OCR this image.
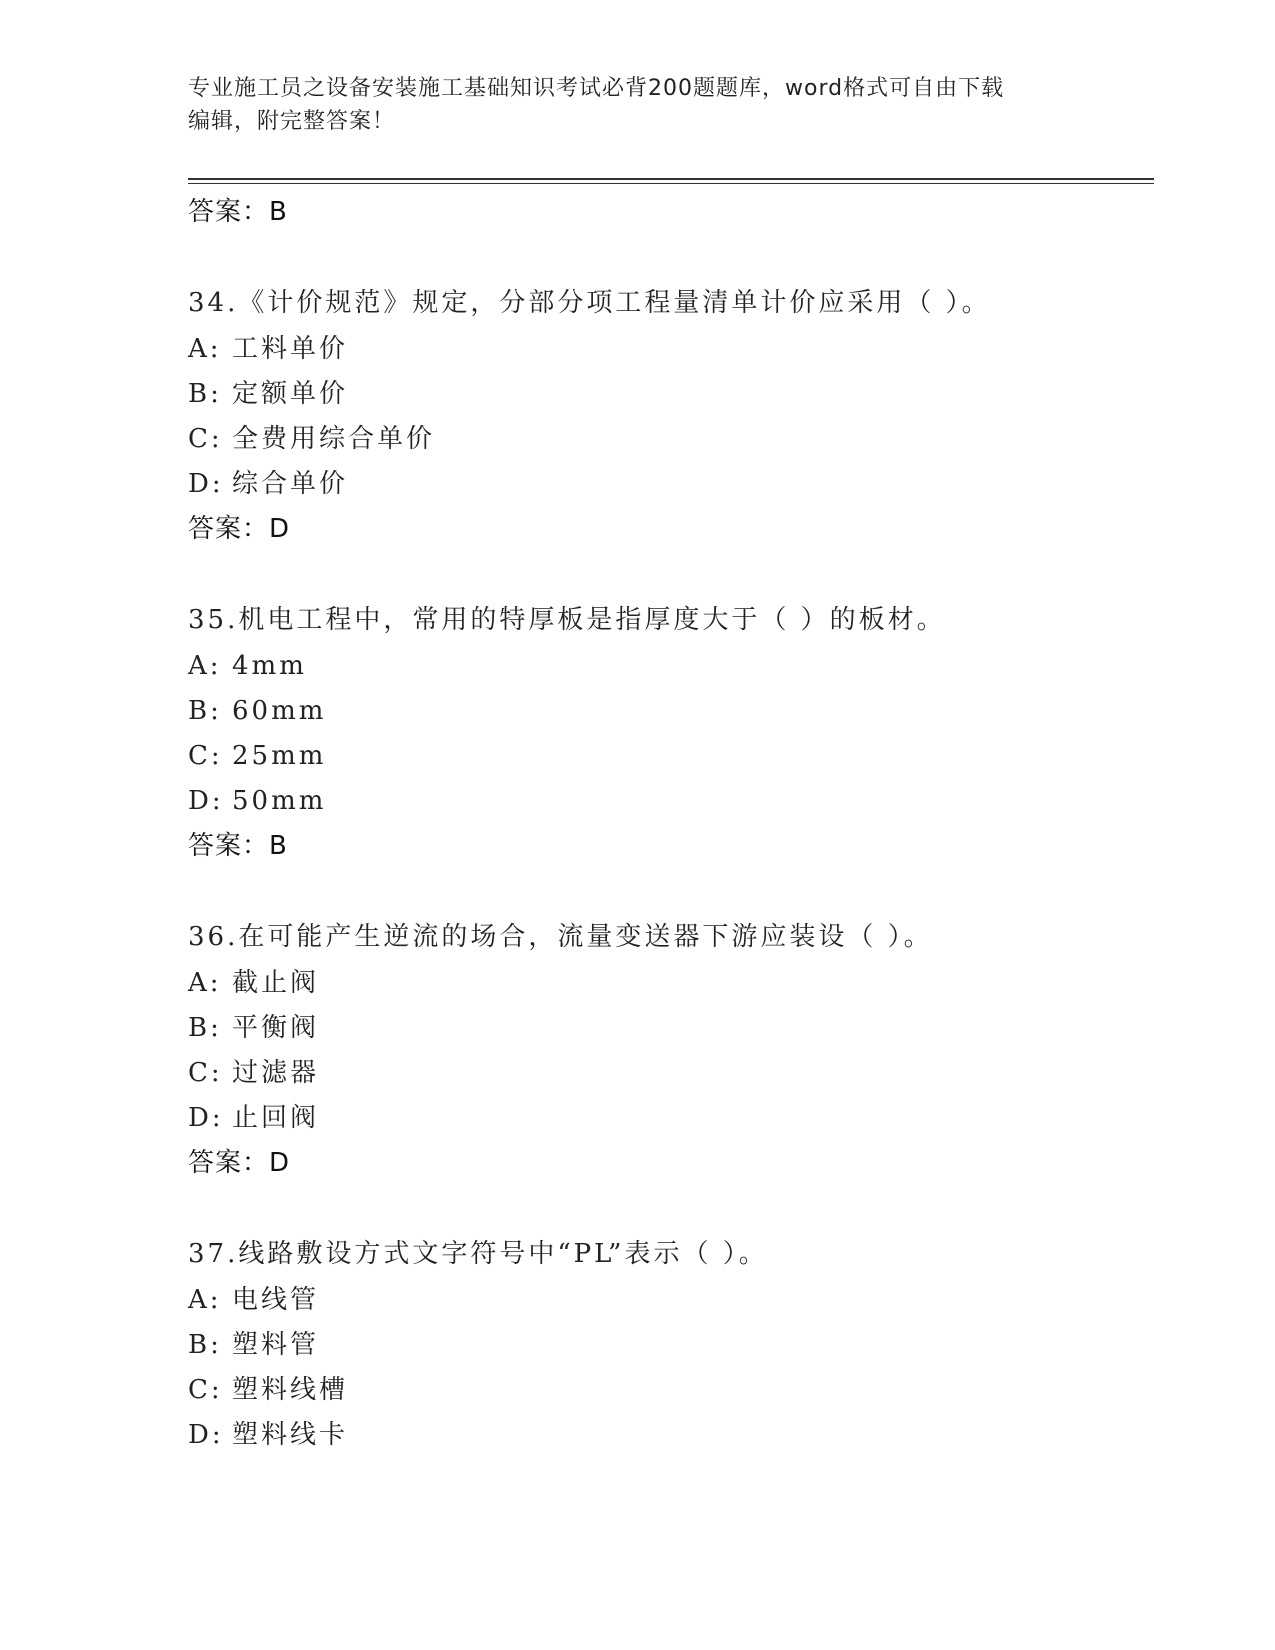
专业施工员之设备安装施工基础知识考试必背200题题库，word格式可自由下载
编辑，附完整答案！
答案：B
34.《计价规范》规定，分部分项工程量清单计价应采用（ ）。
A: 工料单价
B: 定额单价
C: 全费用综合单价
D: 综合单价
答案：D
35.机电工程中，常用的特厚板是指厚度大于（ ）的板材。
A: 4mm
B: 60mm
C: 25mm
D: 50mm
答案：B
36.在可能产生逆流的场合，流量变送器下游应装设（ ）。
A: 截止阀
B: 平衡阀
C: 过滤器
D: 止回阀
答案：D
37.线路敷设方式文字符号中“PL”表示（ ）。
A: 电线管
B: 塑料管
C: 塑料线槽
D: 塑料线卡
